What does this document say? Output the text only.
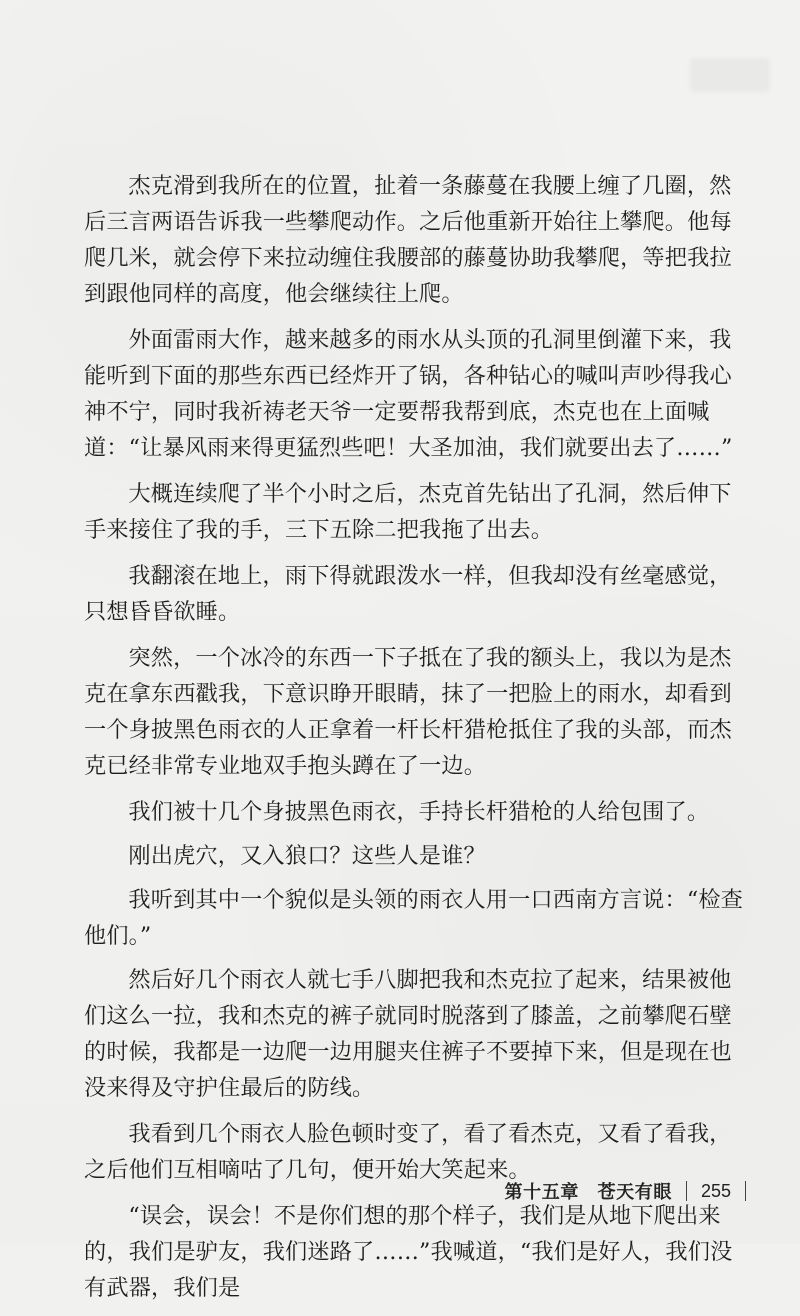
杰克滑到我所在的位置，扯着一条藤蔓在我腰上缠了几圈，然后三言两语告诉我一些攀爬动作。之后他重新开始往上攀爬。他每爬几米，就会停下来拉动缠住我腰部的藤蔓协助我攀爬，等把我拉到跟他同样的高度，他会继续往上爬。

外面雷雨大作，越来越多的雨水从头顶的孔洞里倒灌下来，我能听到下面的那些东西已经炸开了锅，各种钻心的喊叫声吵得我心神不宁，同时我祈祷老天爷一定要帮我帮到底，杰克也在上面喊道：“让暴风雨来得更猛烈些吧！大圣加油，我们就要出去了……”

大概连续爬了半个小时之后，杰克首先钻出了孔洞，然后伸下手来接住了我的手，三下五除二把我拖了出去。

我翻滚在地上，雨下得就跟泼水一样，但我却没有丝毫感觉，只想昏昏欲睡。

突然，一个冰冷的东西一下子抵在了我的额头上，我以为是杰克在拿东西戳我，下意识睁开眼睛，抹了一把脸上的雨水，却看到一个身披黑色雨衣的人正拿着一杆长杆猎枪抵住了我的头部，而杰克已经非常专业地双手抱头蹲在了一边。

我们被十几个身披黑色雨衣，手持长杆猎枪的人给包围了。

刚出虎穴，又入狼口？这些人是谁？

我听到其中一个貌似是头领的雨衣人用一口西南方言说：“检查他们。”

然后好几个雨衣人就七手八脚把我和杰克拉了起来，结果被他们这么一拉，我和杰克的裤子就同时脱落到了膝盖，之前攀爬石壁的时候，我都是一边爬一边用腿夹住裤子不要掉下来，但是现在也没来得及守护住最后的防线。

我看到几个雨衣人脸色顿时变了，看了看杰克，又看了看我，之后他们互相嘀咕了几句，便开始大笑起来。

“误会，误会！不是你们想的那个样子，我们是从地下爬出来的，我们是驴友，我们迷路了……”我喊道，“我们是好人，我们没有武器，我们是

第十五章　苍天有眼 255
